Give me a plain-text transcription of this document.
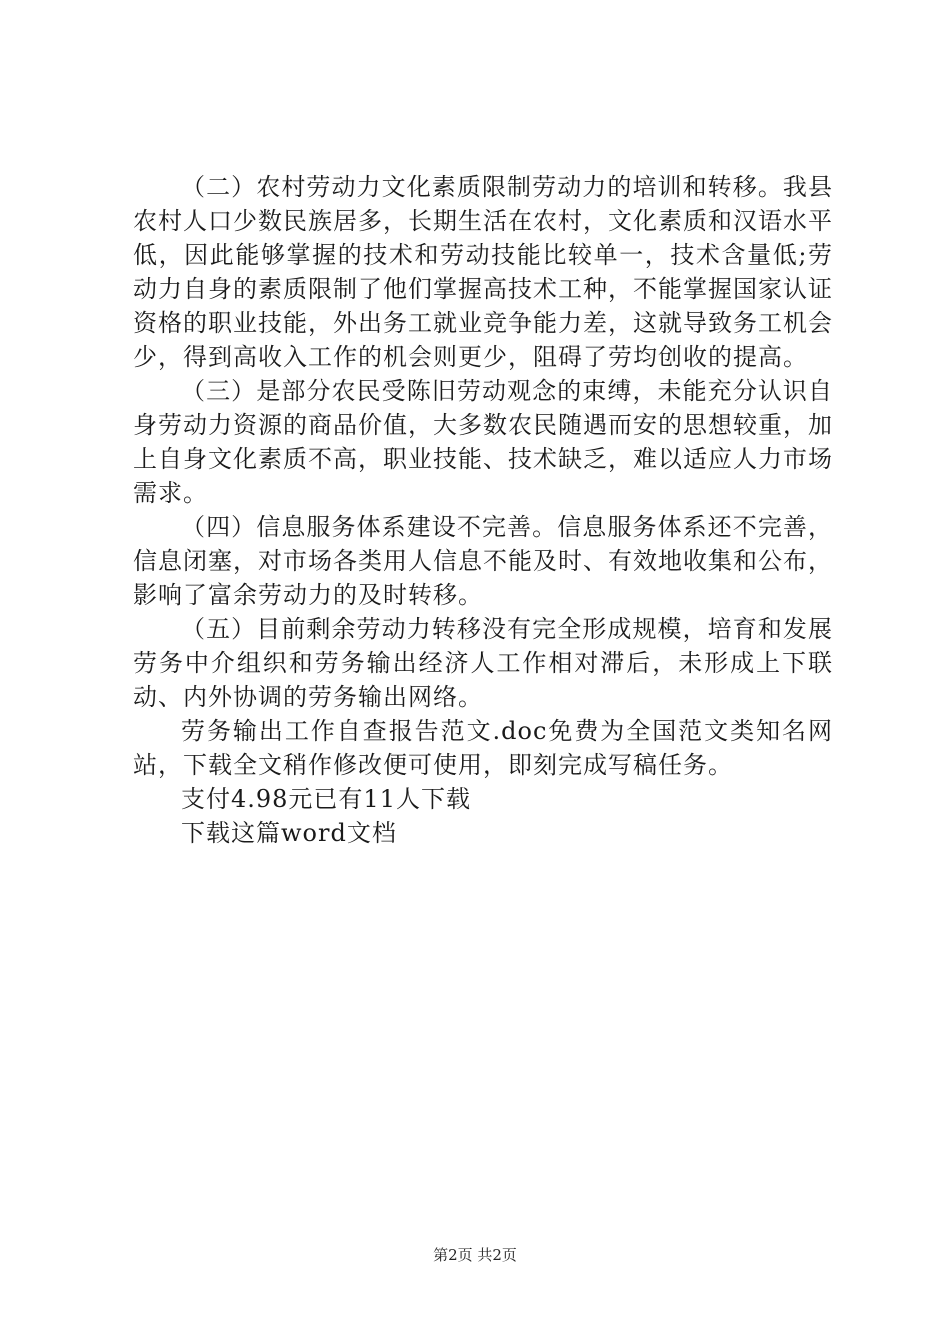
（二）农村劳动力文化素质限制劳动力的培训和转移。我县农村人口少数民族居多，长期生活在农村，文化素质和汉语水平低，因此能够掌握的技术和劳动技能比较单一，技术含量低;劳动力自身的素质限制了他们掌握高技术工种，不能掌握国家认证资格的职业技能，外出务工就业竞争能力差，这就导致务工机会少，得到高收入工作的机会则更少，阻碍了劳均创收的提高。

（三）是部分农民受陈旧劳动观念的束缚，未能充分认识自身劳动力资源的商品价值，大多数农民随遇而安的思想较重，加上自身文化素质不高，职业技能、技术缺乏，难以适应人力市场需求。

（四）信息服务体系建设不完善。信息服务体系还不完善，信息闭塞，对市场各类用人信息不能及时、有效地收集和公布，影响了富余劳动力的及时转移。

（五）目前剩余劳动力转移没有完全形成规模，培育和发展劳务中介组织和劳务输出经济人工作相对滞后，未形成上下联动、内外协调的劳务输出网络。

劳务输出工作自查报告范文.doc免费为全国范文类知名网站，下载全文稍作修改便可使用，即刻完成写稿任务。

支付4.98元已有11人下载

下载这篇word文档

第2页 共2页
